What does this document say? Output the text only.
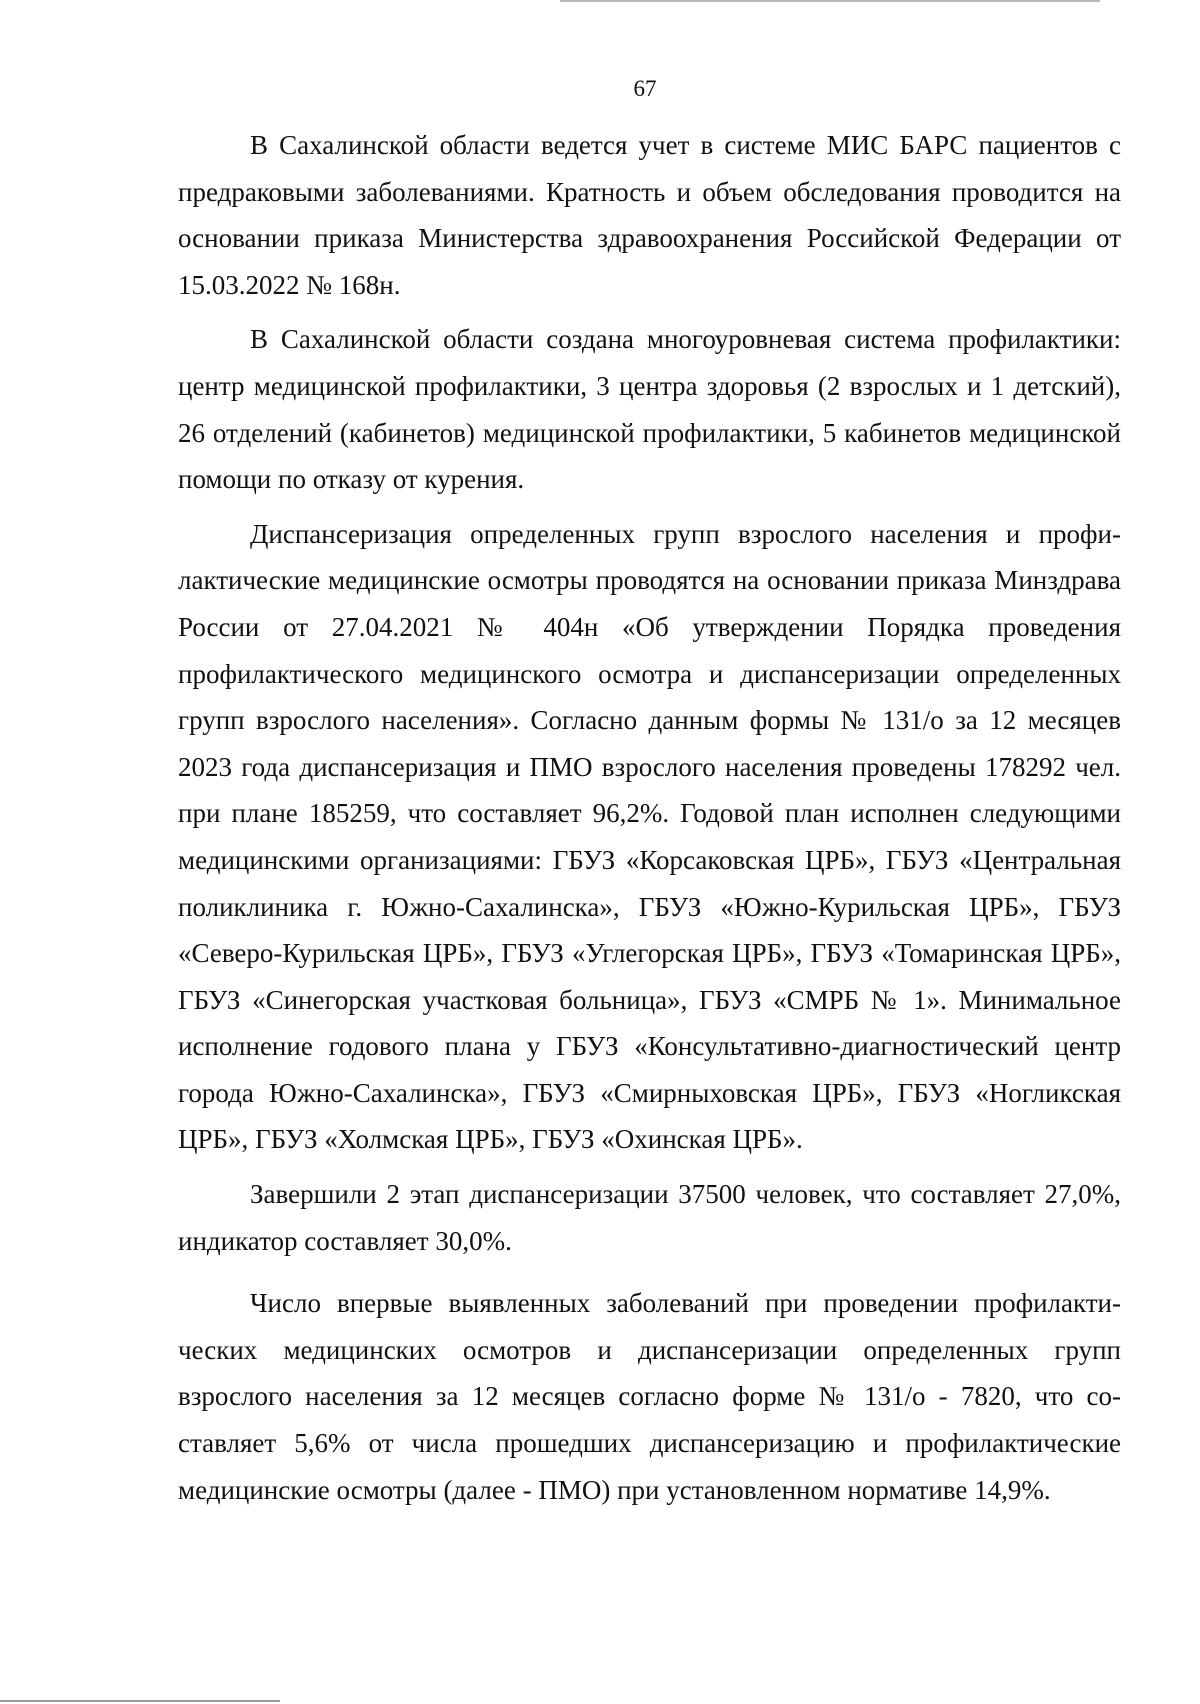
67

В Сахалинской области ведется учет в системе МИС БАРС пациентов с предраковыми заболеваниями. Кратность и объем обследования проводится на основании приказа Министерства здравоохранения Российской Федерации от 15.03.2022 № 168н.

В Сахалинской области создана многоуровневая система профилактики: центр медицинской профилактики, 3 центра здоровья (2 взрослых и 1 детский), 26 отделений (кабинетов) медицинской профилактики, 5 кабинетов медицинской помощи по отказу от курения.

Диспансеризация определенных групп взрослого населения и профилактические медицинские осмотры проводятся на основании приказа Минздрава России от 27.04.2021 № 404н «Об утверждении Порядка проведения профилактического медицинского осмотра и диспансеризации определенных групп взрослого населения». Согласно данным формы № 131/о за 12 месяцев 2023 года диспансеризация и ПМО взрослого населения проведены 178292 чел. при плане 185259, что составляет 96,2%. Годовой план исполнен следующими медицинскими организациями: ГБУЗ «Корсаковская ЦРБ», ГБУЗ «Центральная поликлиника г. Южно-Сахалинска», ГБУЗ «Южно-Курильская ЦРБ», ГБУЗ «Северо-Курильская ЦРБ», ГБУЗ «Углегорская ЦРБ», ГБУЗ «Томаринская ЦРБ», ГБУЗ «Синегорская участковая больница», ГБУЗ «СМРБ № 1». Минимальное исполнение годового плана у ГБУЗ «Консультативно-диагностический центр города Южно-Сахалинска», ГБУЗ «Смирныховская ЦРБ», ГБУЗ «Ногликская ЦРБ», ГБУЗ «Холмская ЦРБ», ГБУЗ «Охинская ЦРБ».

Завершили 2 этап диспансеризации 37500 человек, что составляет 27,0%, индикатор составляет 30,0%.

Число впервые выявленных заболеваний при проведении профилактических медицинских осмотров и диспансеризации определенных групп взрослого населения за 12 месяцев согласно форме № 131/о - 7820, что составляет 5,6% от числа прошедших диспансеризацию и профилактические медицинские осмотры (далее - ПМО) при установленном нормативе 14,9%.
